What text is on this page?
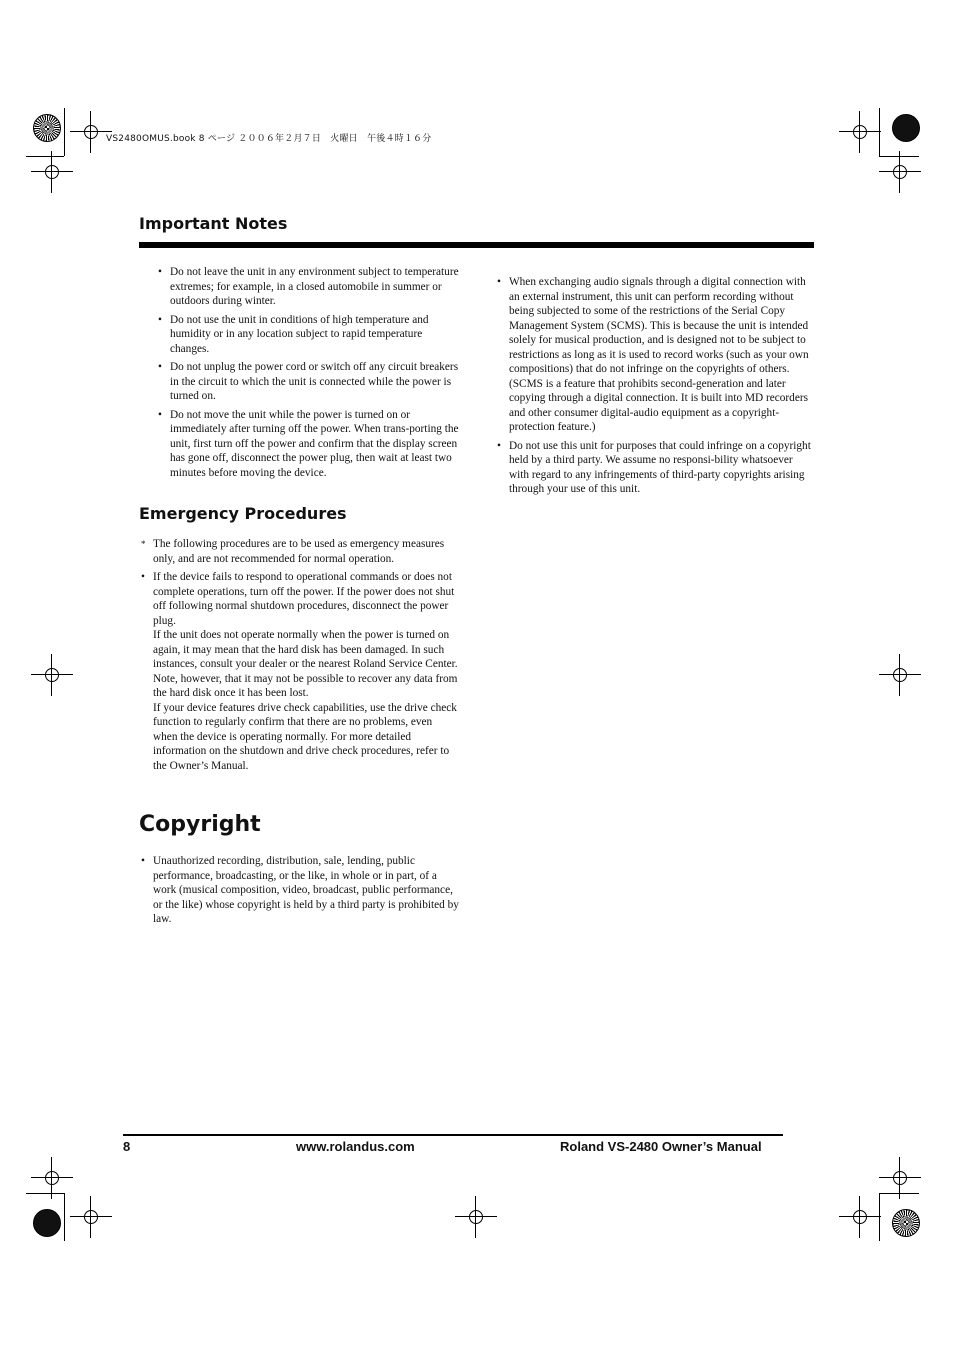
VS2480OMUS.book 8 ページ ２００６年２月７日　火曜日　午後４時１６分
Important Notes
• Do not leave the unit in any environment subject to temperature extremes; for example, in a closed automobile in summer or outdoors during winter.
• Do not use the unit in conditions of high temperature and humidity or in any location subject to rapid temperature changes.
• Do not unplug the power cord or switch off any circuit breakers in the circuit to which the unit is connected while the power is turned on.
• Do not move the unit while the power is turned on or immediately after turning off the power. When trans-porting the unit, first turn off the power and confirm that the display screen has gone off, disconnect the power plug, then wait at least two minutes before moving the device.
Emergency Procedures
* The following procedures are to be used as emergency measures only, and are not recommended for normal operation.
• If the device fails to respond to operational commands or does not complete operations, turn off the power. If the power does not shut off following normal shutdown procedures, disconnect the power plug.
If the unit does not operate normally when the power is turned on again, it may mean that the hard disk has been damaged. In such instances, consult your dealer or the nearest Roland Service Center. Note, however, that it may not be possible to recover any data from the hard disk once it has been lost.
If your device features drive check capabilities, use the drive check function to regularly confirm that there are no problems, even when the device is operating normally. For more detailed information on the shutdown and drive check procedures, refer to the Owner’s Manual.
Copyright
• Unauthorized recording, distribution, sale, lending, public performance, broadcasting, or the like, in whole or in part, of a work (musical composition, video, broadcast, public performance, or the like) whose copyright is held by a third party is prohibited by law.
• When exchanging audio signals through a digital connection with an external instrument, this unit can perform recording without being subjected to some of the restrictions of the Serial Copy Management System (SCMS). This is because the unit is intended solely for musical production, and is designed not to be subject to restrictions as long as it is used to record works (such as your own compositions) that do not infringe on the copyrights of others. (SCMS is a feature that prohibits second-generation and later copying through a digital connection. It is built into MD recorders and other consumer digital-audio equipment as a copyright-protection feature.)
• Do not use this unit for purposes that could infringe on a copyright held by a third party. We assume no responsi-bility whatsoever with regard to any infringements of third-party copyrights arising through your use of this unit.
8	www.rolandus.com	Roland VS-2480 Owner’s Manual
